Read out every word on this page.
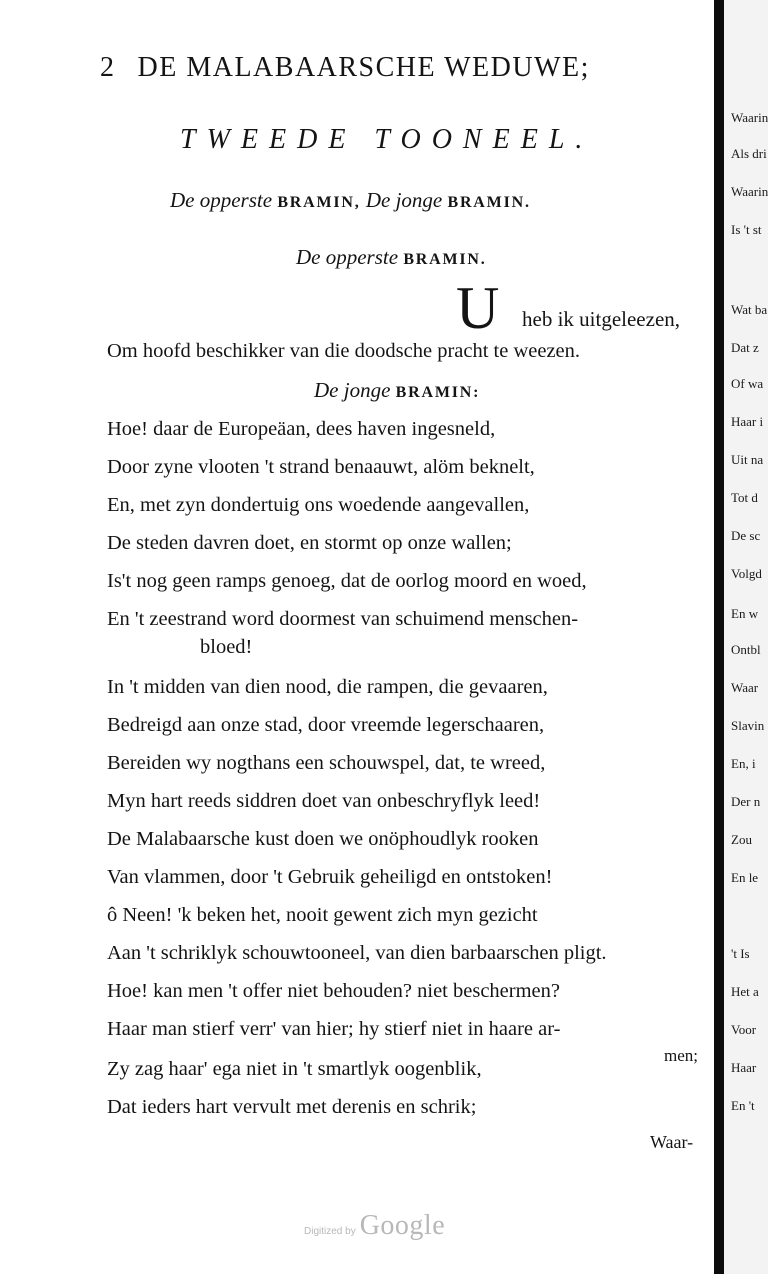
2 DE MALABAARSCHE WEDUWE;
TWEEDE TOONEEL.
De opperste BRAMIN, De jonge BRAMIN.
De opperste BRAMIN.
U heb ik uitgeleezen,
Om hoofd beschikker van die doodsche pracht te weezen.
De jonge BRAMIN:
Hoe! daar de Europeäan, dees haven ingesneld,
Door zyne vlooten 't strand benaauwt, alöm beknelt,
En, met zyn dondertuig ons woedende aangevallen,
De steden davren doet, en stormt op onze wallen;
Is't nog geen ramps genoeg, dat de oorlog moord en woed,
En 't zeestrand word doormest van schuimend menschen-
bloed!
In 't midden van dien nood, die rampen, die gevaaren,
Bedreigd aan onze stad, door vreemde legerschaaren,
Bereiden wy nogthans een schouwspel, dat, te wreed,
Myn hart reeds siddren doet van onbeschryflyk leed!
De Malabaarsche kust doen we onöphoudlyk rooken
Van vlammen, door 't Gebruik geheiligd en ontstoken!
ô Neen! 'k beken het, nooit gewent zich myn gezicht
Aan 't schriklyk schouwtooneel, van dien barbaarschen pligt.
Hoe! kan men 't offer niet behouden? niet beschermen?
Haar man stierf verr' van hier; hy stierf niet in haare ar-
men;
Zy zag haar' ega niet in 't smartlyk oogenblik,
Dat ieders hart vervult met derenis en schrik;
Waar-
Digitized by Google
Waarin
Als dri
Waarin
Is 't st
Wat ba
Dat z
Of wa
Haar i
Uit na
Tot d
De sc
Volgd
En w
Ontbl
Waar
Slavin
En, i
Der n
Zou
En le
't Is
Het a
Voor
Haar
En 't
